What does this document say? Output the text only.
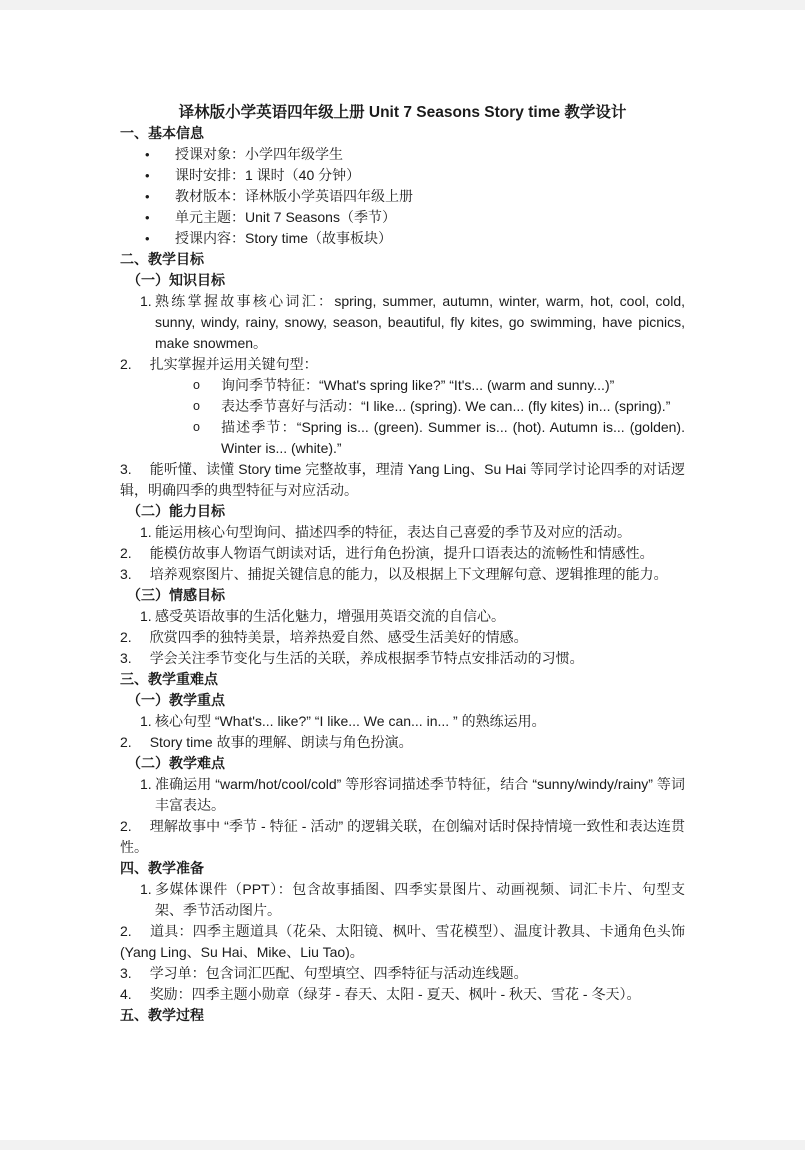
译林版小学英语四年级上册 Unit 7 Seasons Story time 教学设计
一、基本信息
•	授课对象：小学四年级学生
•	课时安排：1 课时（40 分钟）
•	教材版本：译林版小学英语四年级上册
•	单元主题：Unit 7 Seasons（季节）
•	授课内容：Story time（故事板块）
二、教学目标
（一）知识目标
1. 熟练掌握故事核心词汇：spring, summer, autumn, winter, warm, hot, cool, cold, sunny, windy, rainy, snowy, season, beautiful, fly kites, go swimming, have picnics, make snowmen。
2. 扎实掌握并运用关键句型：
o	询问季节特征：“What's spring like?” “It's... (warm and sunny...)”
o	表达季节喜好与活动：“I like... (spring). We can... (fly kites) in... (spring).”
o	描述季节：“Spring is... (green). Summer is... (hot). Autumn is... (golden). Winter is... (white).”
3. 能听懂、读懂 Story time 完整故事，理清 Yang Ling、Su Hai 等同学讨论四季的对话逻辑，明确四季的典型特征与对应活动。
（二）能力目标
1. 能运用核心句型询问、描述四季的特征，表达自己喜爱的季节及对应的活动。
2. 能模仿故事人物语气朗读对话，进行角色扮演，提升口语表达的流畅性和情感性。
3. 培养观察图片、捕捉关键信息的能力，以及根据上下文理解句意、逻辑推理的能力。
（三）情感目标
1. 感受英语故事的生活化魅力，增强用英语交流的自信心。
2. 欣赏四季的独特美景，培养热爱自然、感受生活美好的情感。
3. 学会关注季节变化与生活的关联，养成根据季节特点安排活动的习惯。
三、教学重难点
（一）教学重点
1. 核心句型 “What's... like?” “I like... We can... in... ” 的熟练运用。
2. Story time 故事的理解、朗读与角色扮演。
（二）教学难点
1. 准确运用 “warm/hot/cool/cold” 等形容词描述季节特征，结合 “sunny/windy/rainy” 等词丰富表达。
2. 理解故事中 “季节 - 特征 - 活动” 的逻辑关联，在创编对话时保持情境一致性和表达连贯性。
四、教学准备
1. 多媒体课件（PPT）：包含故事插图、四季实景图片、动画视频、词汇卡片、句型支架、季节活动图片。
2. 道具：四季主题道具（花朵、太阳镜、枫叶、雪花模型）、温度计教具、卡通角色头饰 (Yang Ling、Su Hai、Mike、Liu Tao)。
3. 学习单：包含词汇匹配、句型填空、四季特征与活动连线题。
4. 奖励：四季主题小勋章（绿芽 - 春天、太阳 - 夏天、枫叶 - 秋天、雪花 - 冬天）。
五、教学过程
